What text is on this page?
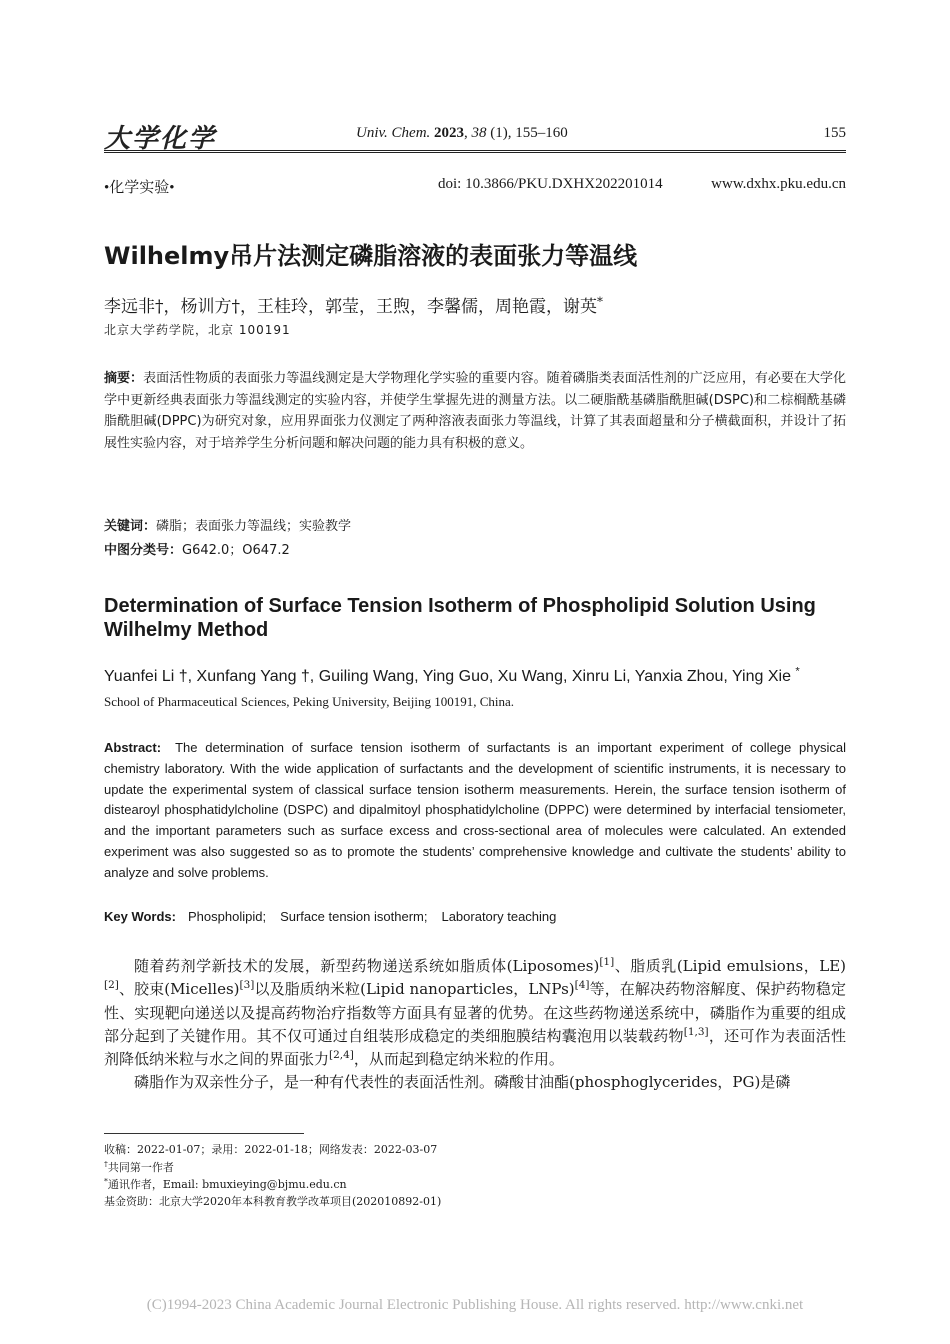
大学化学	Univ. Chem. 2023, 38 (1), 155–160	155
•化学实验•	doi: 10.3866/PKU.DXHX202201014	www.dxhx.pku.edu.cn
Wilhelmy吊片法测定磷脂溶液的表面张力等温线
李远非†，杨训方†，王桂玲，郭莹，王煦，李馨儒，周艳霞，谢英*
北京大学药学院，北京 100191
摘要：表面活性物质的表面张力等温线测定是大学物理化学实验的重要内容。随着磷脂类表面活性剂的广泛应用，有必要在大学化学中更新经典表面张力等温线测定的实验内容，并使学生掌握先进的测量方法。以二硬脂酰基磷脂酰胆碱(DSPC)和二棕榈酰基磷脂酰胆碱(DPPC)为研究对象，应用界面张力仪测定了两种溶液表面张力等温线，计算了其表面超量和分子横截面积，并设计了拓展性实验内容，对于培养学生分析问题和解决问题的能力具有积极的意义。
关键词：磷脂；表面张力等温线；实验教学
中图分类号：G642.0；O647.2
Determination of Surface Tension Isotherm of Phospholipid Solution Using Wilhelmy Method
Yuanfei Li †, Xunfang Yang †, Guiling Wang, Ying Guo, Xu Wang, Xinru Li, Yanxia Zhou, Ying Xie *
School of Pharmaceutical Sciences, Peking University, Beijing 100191, China.
Abstract: The determination of surface tension isotherm of surfactants is an important experiment of college physical chemistry laboratory. With the wide application of surfactants and the development of scientific instruments, it is necessary to update the experimental system of classical surface tension isotherm measurements. Herein, the surface tension isotherm of distearoyl phosphatidylcholine (DSPC) and dipalmitoyl phosphatidylcholine (DPPC) were determined by interfacial tensiometer, and the important parameters such as surface excess and cross-sectional area of molecules were calculated. An extended experiment was also suggested so as to promote the students’ comprehensive knowledge and cultivate the students’ ability to analyze and solve problems.
Key Words: Phospholipid; Surface tension isotherm; Laboratory teaching

随着药剂学新技术的发展，新型药物递送系统如脂质体(Liposomes)[1]、脂质乳(Lipid emulsions，LE)[2]、胶束(Micelles)[3]以及脂质纳米粒(Lipid nanoparticles，LNPs)[4]等，在解决药物溶解度、保护药物稳定性、实现靶向递送以及提高药物治疗指数等方面具有显著的优势。在这些药物递送系统中，磷脂作为重要的组成部分起到了关键作用。其不仅可通过自组装形成稳定的类细胞膜结构囊泡用以装载药物[1,3]，还可作为表面活性剂降低纳米粒与水之间的界面张力[2,4]，从而起到稳定纳米粒的作用。

磷脂作为双亲性分子，是一种有代表性的表面活性剂。磷酸甘油酯(phosphoglycerides，PG)是磷

收稿：2022-01-07；录用：2022-01-18；网络发表：2022-03-07
†共同第一作者
*通讯作者，Email: bmuxieying@bjmu.edu.cn
基金资助：北京大学2020年本科教育教学改革项目(202010892-01)
(C)1994-2023 China Academic Journal Electronic Publishing House. All rights reserved. http://www.cnki.net
